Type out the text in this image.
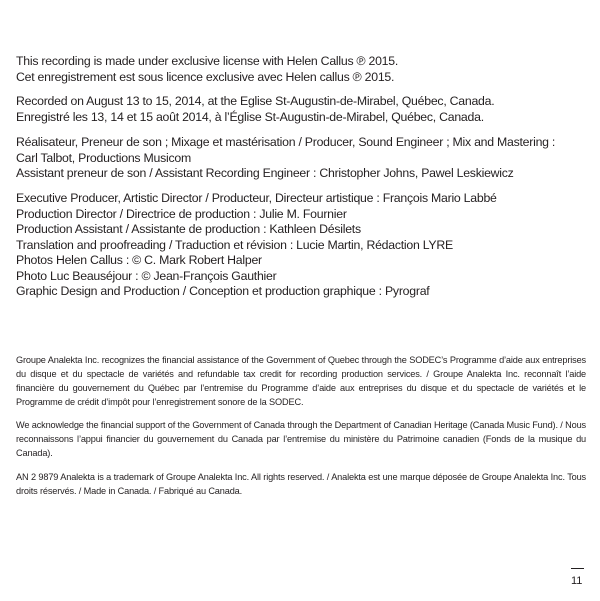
This recording is made under exclusive license with Helen Callus ℗ 2015.
Cet enregistrement est sous licence exclusive avec Helen callus ℗ 2015.
Recorded on August 13 to 15, 2014, at the Eglise St-Augustin-de-Mirabel, Québec, Canada.
Enregistré les 13, 14 et 15 août 2014, à l’Église St-Augustin-de-Mirabel, Québec, Canada.
Réalisateur, Preneur de son ; Mixage et mastérisation / Producer, Sound Engineer ; Mix and Mastering :
Carl Talbot, Productions Musicom
Assistant preneur de son / Assistant Recording Engineer : Christopher Johns, Pawel Leskiewicz
Executive Producer, Artistic Director / Producteur, Directeur artistique : François Mario Labbé
Production Director / Directrice de production : Julie M. Fournier
Production Assistant / Assistante de production : Kathleen Désilets
Translation and proofreading / Traduction et révision : Lucie Martin, Rédaction LYRE
Photos Helen Callus : © C. Mark Robert Halper
Photo Luc Beauséjour : © Jean-François Gauthier
Graphic Design and Production / Conception et production graphique : Pyrograf

Groupe Analekta Inc. recognizes the financial assistance of the Government of Quebec through the SODEC’s Programme d’aide aux entreprises du disque et du spectacle de variétés and refundable tax credit for recording production services. / Groupe Analekta Inc. reconnaît l’aide financière du gouvernement du Québec par l’entremise du Programme d’aide aux entreprises du disque et du spectacle de variétés et le Programme de crédit d’impôt pour l’enregistrement sonore de la SODEC.

We acknowledge the financial support of the Government of Canada through the Department of Canadian Heritage (Canada Music Fund). / Nous reconnaissons l’appui financier du gouvernement du Canada par l’entremise du ministère du Patrimoine canadien (Fonds de la musique du Canada).

AN 2 9879 Analekta is a trademark of Groupe Analekta Inc. All rights reserved. / Analekta est une marque déposée de Groupe Analekta Inc. Tous droits réservés. / Made in Canada. / Fabriqué au Canada.

11
